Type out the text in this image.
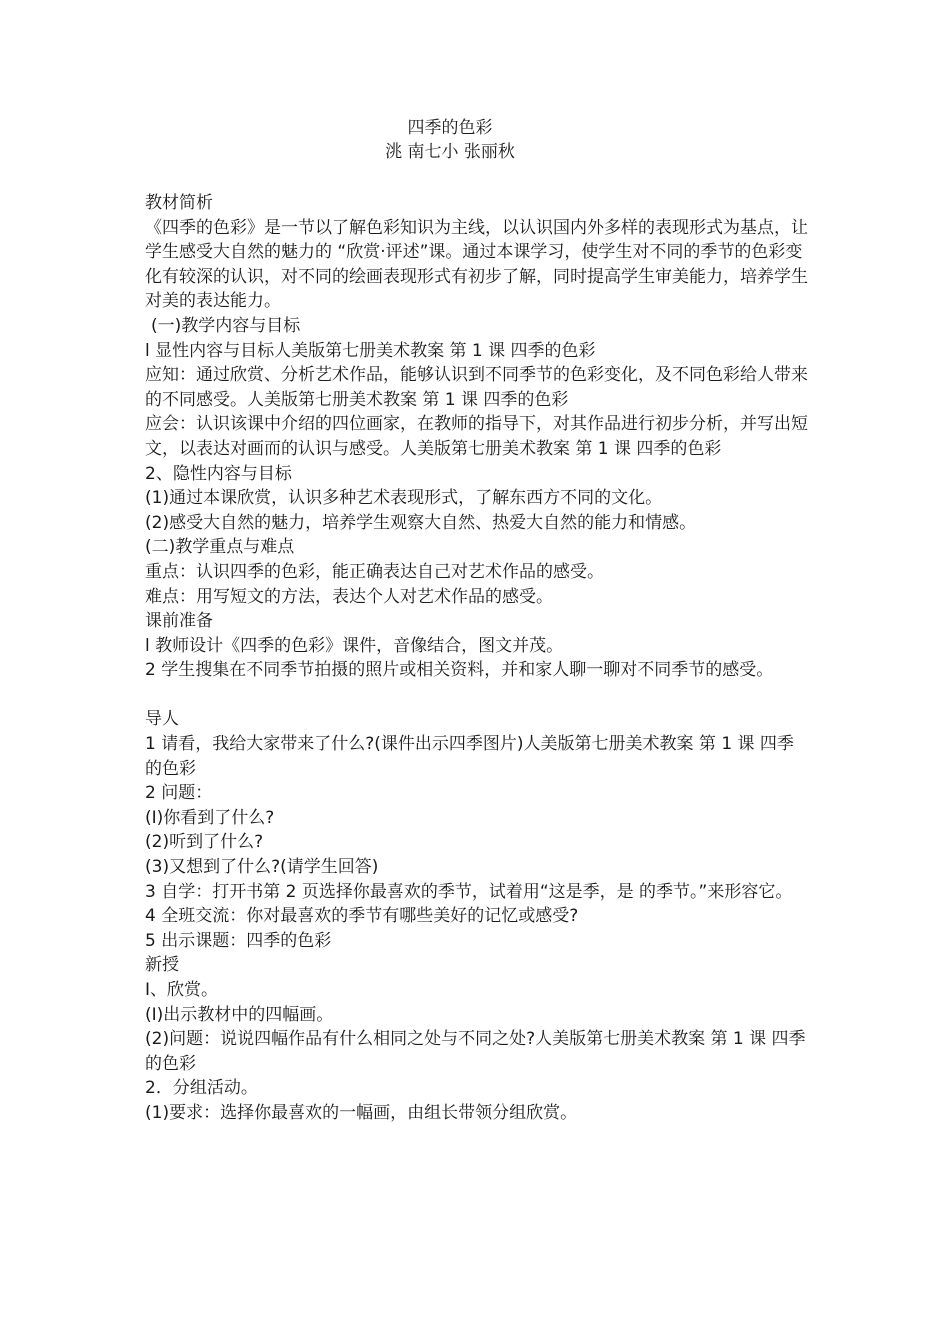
四季的色彩
洮 南七小 张丽秋

教材简析

《四季的色彩》是一节以了解色彩知识为主线，以认识国内外多样的表现形式为基点，让学生感受大自然的魅力的 “欣赏·评述”课。通过本课学习，使学生对不同的季节的色彩变化有较深的认识，对不同的绘画表现形式有初步了解，同时提高学生审美能力，培养学生对美的表达能力。

(一)教学内容与目标

l 显性内容与目标人美版第七册美术教案 第 1 课 四季的色彩

应知：通过欣赏、分析艺术作品，能够认识到不同季节的色彩变化，及不同色彩给人带来的不同感受。人美版第七册美术教案 第 1 课 四季的色彩

应会：认识该课中介绍的四位画家，在教师的指导下，对其作品进行初步分析，并写出短文，以表达对画而的认识与感受。人美版第七册美术教案 第 1 课 四季的色彩

2、隐性内容与目标

(1)通过本课欣赏，认识多种艺术表现形式，了解东西方不同的文化。

(2)感受大自然的魅力，培养学生观察大自然、热爱大自然的能力和情感。

(二)教学重点与难点

重点：认识四季的色彩，能正确表达自己对艺术作品的感受。

难点：用写短文的方法，表达个人对艺术作品的感受。

课前准备

l 教师设计《四季的色彩》课件，音像结合，图文并茂。

2 学生搜集在不同季节拍摄的照片或相关资料，并和家人聊一聊对不同季节的感受。

导人

1 请看，我给大家带来了什么?(课件出示四季图片)人美版第七册美术教案 第 1 课 四季的色彩

2 问题：

(I)你看到了什么?

(2)听到了什么?

(3)又想到了什么?(请学生回答)

3 自学：打开书第 2 页选择你最喜欢的季节，试着用“这是季，是 的季节。”来形容它。

4 全班交流：你对最喜欢的季节有哪些美好的记忆或感受?

5 出示课题：四季的色彩

新授

I、欣赏。

(I)出示教材中的四幅画。

(2)问题：说说四幅作品有什么相同之处与不同之处?人美版第七册美术教案 第 1 课 四季的色彩

2．分组活动。

(1)要求：选择你最喜欢的一幅画，由组长带领分组欣赏。
